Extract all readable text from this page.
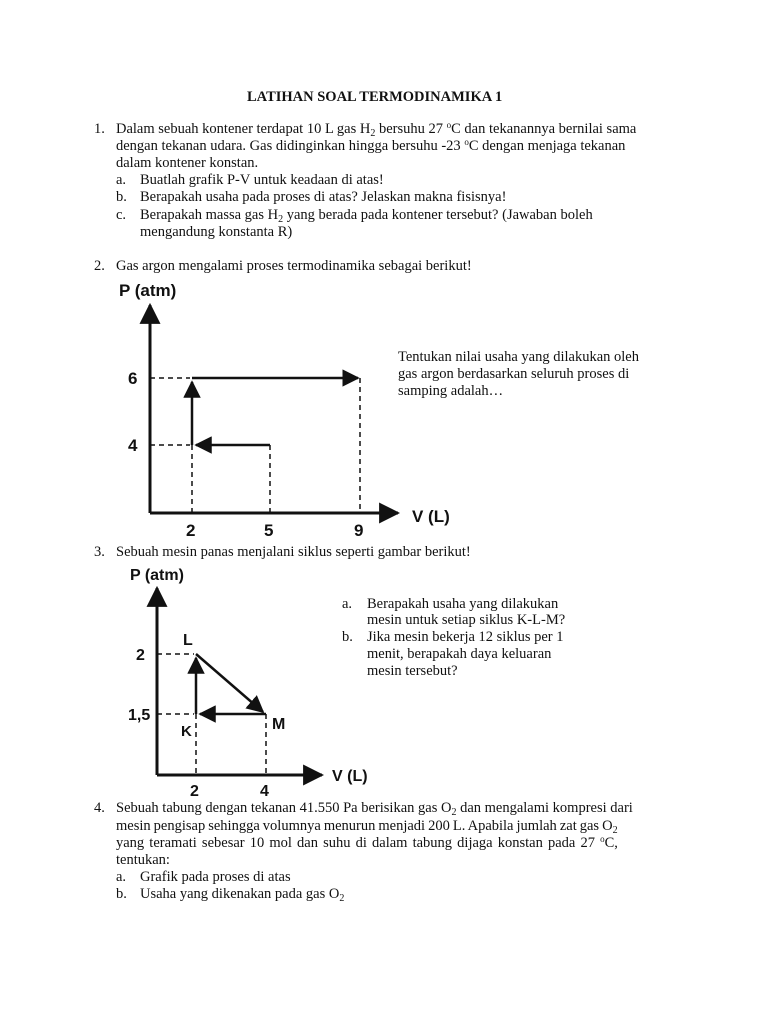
LATIHAN SOAL TERMODINAMIKA 1
1. Dalam sebuah kontener terdapat 10 L gas $H_2$ bersuhu 27 $^o$C dan tekanannya bernilai sama
dengan tekanan udara. Gas didinginkan hingga bersuhu -23 $^o$C dengan menjaga tekanan
dalam kontener konstan.
a. Buatlah grafik P-V untuk keadaan di atas!
b. Berapakah usaha pada proses di atas? Jelaskan makna fisisnya!
c. Berapakah massa gas $H_2$ yang berada pada kontener tersebut? (Jawaban boleh
mengandung konstanta R)
2. Gas argon mengalami proses termodinamika sebagai berikut!
P (atm)
V (L)
6
4
2	5	9
Tentukan nilai usaha yang dilakukan oleh
gas argon berdasarkan seluruh proses di
samping adalah…
3. Sebuah mesin panas menjalani siklus seperti gambar berikut!
P (atm)
V (L)
2
1,5
2	4
L
K	M
a. Berapakah usaha yang dilakukan
mesin untuk setiap siklus K-L-M?
b. Jika mesin bekerja 12 siklus per 1
menit, berapakah daya keluaran
mesin tersebut?
4. Sebuah tabung dengan tekanan 41.550 Pa berisikan gas $O_2$ dan mengalami kompresi dari
mesin pengisap sehingga volumnya menurun menjadi 200 L. Apabila jumlah zat gas $O_2$
yang teramati sebesar 10 mol dan suhu di dalam tabung dijaga konstan pada 27 $^o$C,
tentukan:
a. Grafik pada proses di atas
b. Usaha yang dikenakan pada gas $O_2$
